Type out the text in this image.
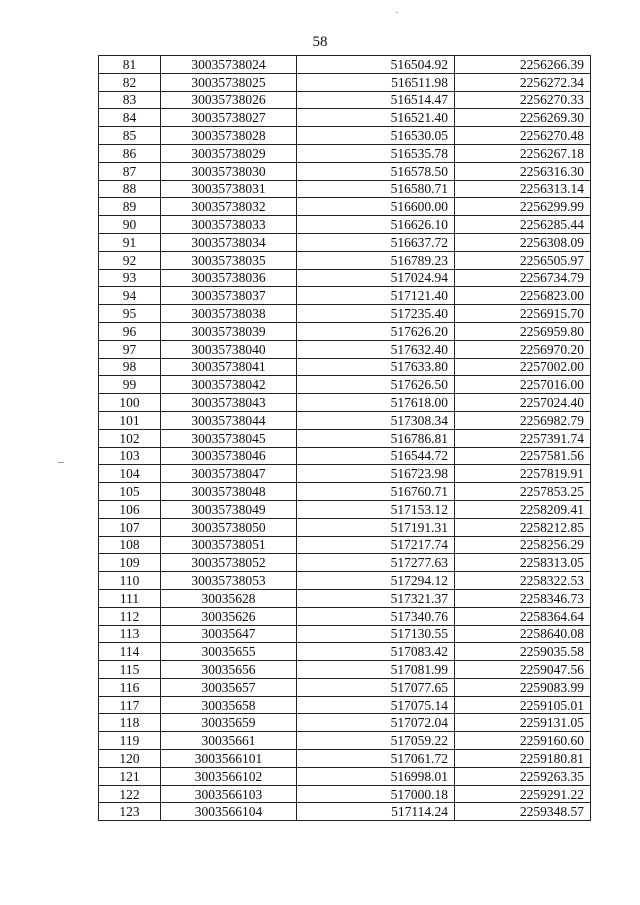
58
81	30035738024	516504.92	2256266.39
82	30035738025	516511.98	2256272.34
83	30035738026	516514.47	2256270.33
84	30035738027	516521.40	2256269.30
85	30035738028	516530.05	2256270.48
86	30035738029	516535.78	2256267.18
87	30035738030	516578.50	2256316.30
88	30035738031	516580.71	2256313.14
89	30035738032	516600.00	2256299.99
90	30035738033	516626.10	2256285.44
91	30035738034	516637.72	2256308.09
92	30035738035	516789.23	2256505.97
93	30035738036	517024.94	2256734.79
94	30035738037	517121.40	2256823.00
95	30035738038	517235.40	2256915.70
96	30035738039	517626.20	2256959.80
97	30035738040	517632.40	2256970.20
98	30035738041	517633.80	2257002.00
99	30035738042	517626.50	2257016.00
100	30035738043	517618.00	2257024.40
101	30035738044	517308.34	2256982.79
102	30035738045	516786.81	2257391.74
103	30035738046	516544.72	2257581.56
104	30035738047	516723.98	2257819.91
105	30035738048	516760.71	2257853.25
106	30035738049	517153.12	2258209.41
107	30035738050	517191.31	2258212.85
108	30035738051	517217.74	2258256.29
109	30035738052	517277.63	2258313.05
110	30035738053	517294.12	2258322.53
111	30035628	517321.37	2258346.73
112	30035626	517340.76	2258364.64
113	30035647	517130.55	2258640.08
114	30035655	517083.42	2259035.58
115	30035656	517081.99	2259047.56
116	30035657	517077.65	2259083.99
117	30035658	517075.14	2259105.01
118	30035659	517072.04	2259131.05
119	30035661	517059.22	2259160.60
120	3003566101	517061.72	2259180.81
121	3003566102	516998.01	2259263.35
122	3003566103	517000.18	2259291.22
123	3003566104	517114.24	2259348.57
